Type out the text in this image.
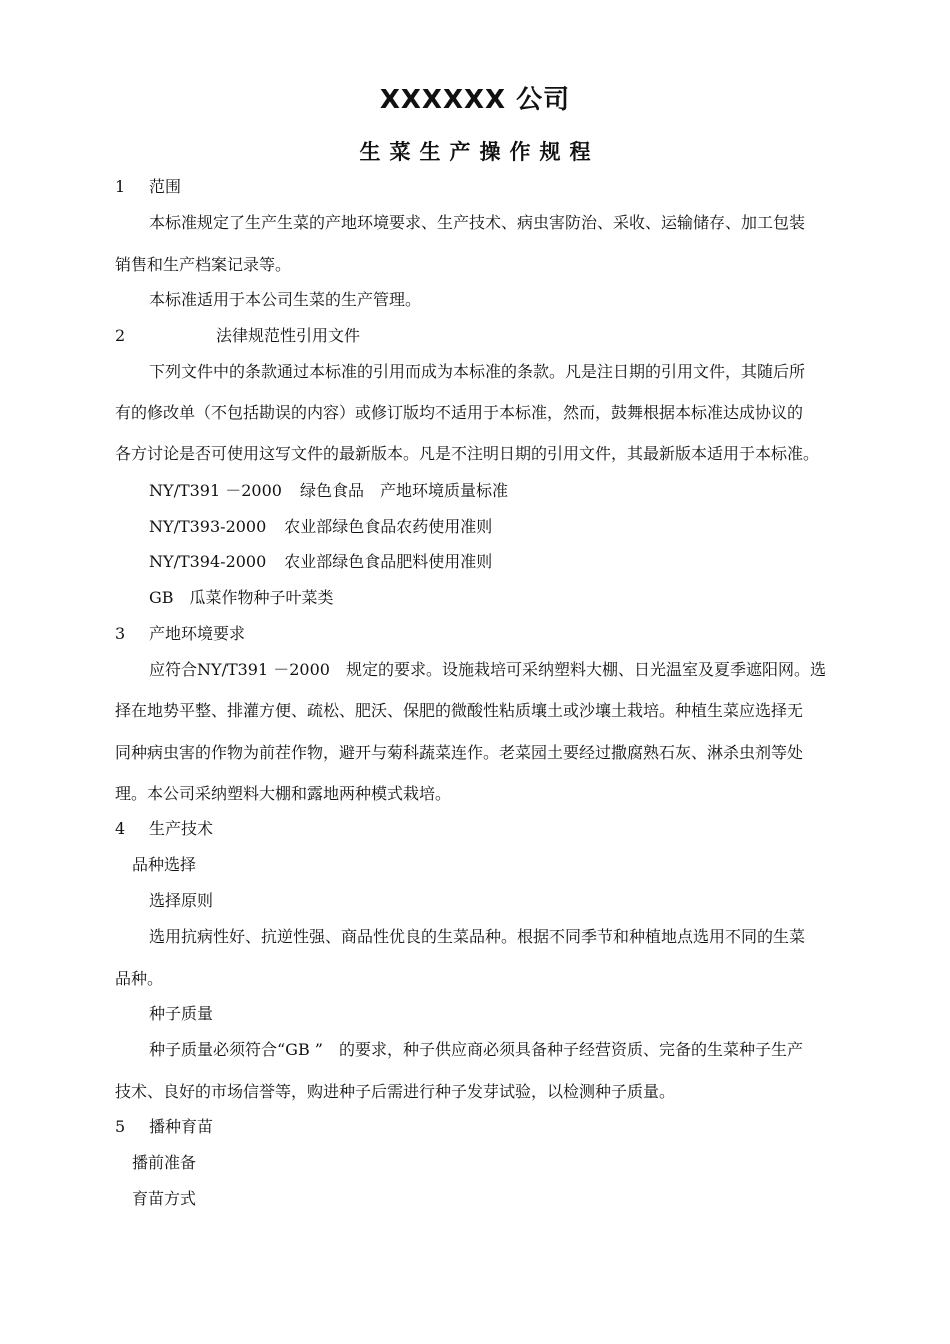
XXXXXX 公司
生菜生产操作规程
1 范围
本标准规定了生产生菜的产地环境要求、生产技术、病虫害防治、采收、运输储存、加工包装
销售和生产档案记录等。
本标准适用于本公司生菜的生产管理。
2	法律规范性引用文件
下列文件中的条款通过本标准的引用而成为本标准的条款。凡是注日期的引用文件，其随后所
有的修改单（不包括勘误的内容）或修订版均不适用于本标准，然而，鼓舞根据本标准达成协议的
各方讨论是否可使用这写文件的最新版本。凡是不注明日期的引用文件，其最新版本适用于本标准。
NY/T391 －2000 绿色食品　产地环境质量标准
NY/T393-2000 农业部绿色食品农药使用准则
NY/T394-2000 农业部绿色食品肥料使用准则
GB 瓜菜作物种子叶菜类
3 产地环境要求
应符合NY/T391 －2000　规定的要求。设施栽培可采纳塑料大棚、日光温室及夏季遮阳网。选
择在地势平整、排灌方便、疏松、肥沃、保肥的微酸性粘质壤土或沙壤土栽培。种植生菜应选择无
同种病虫害的作物为前茬作物，避开与菊科蔬菜连作。老菜园土要经过撒腐熟石灰、淋杀虫剂等处
理。本公司采纳塑料大棚和露地两种模式栽培。
4 生产技术
品种选择
选择原则
选用抗病性好、抗逆性强、商品性优良的生菜品种。根据不同季节和种植地点选用不同的生菜
品种。
种子质量
种子质量必须符合“GB ”　的要求，种子供应商必须具备种子经营资质、完备的生菜种子生产
技术、良好的市场信誉等，购进种子后需进行种子发芽试验，以检测种子质量。
5 播种育苗
播前准备
育苗方式
